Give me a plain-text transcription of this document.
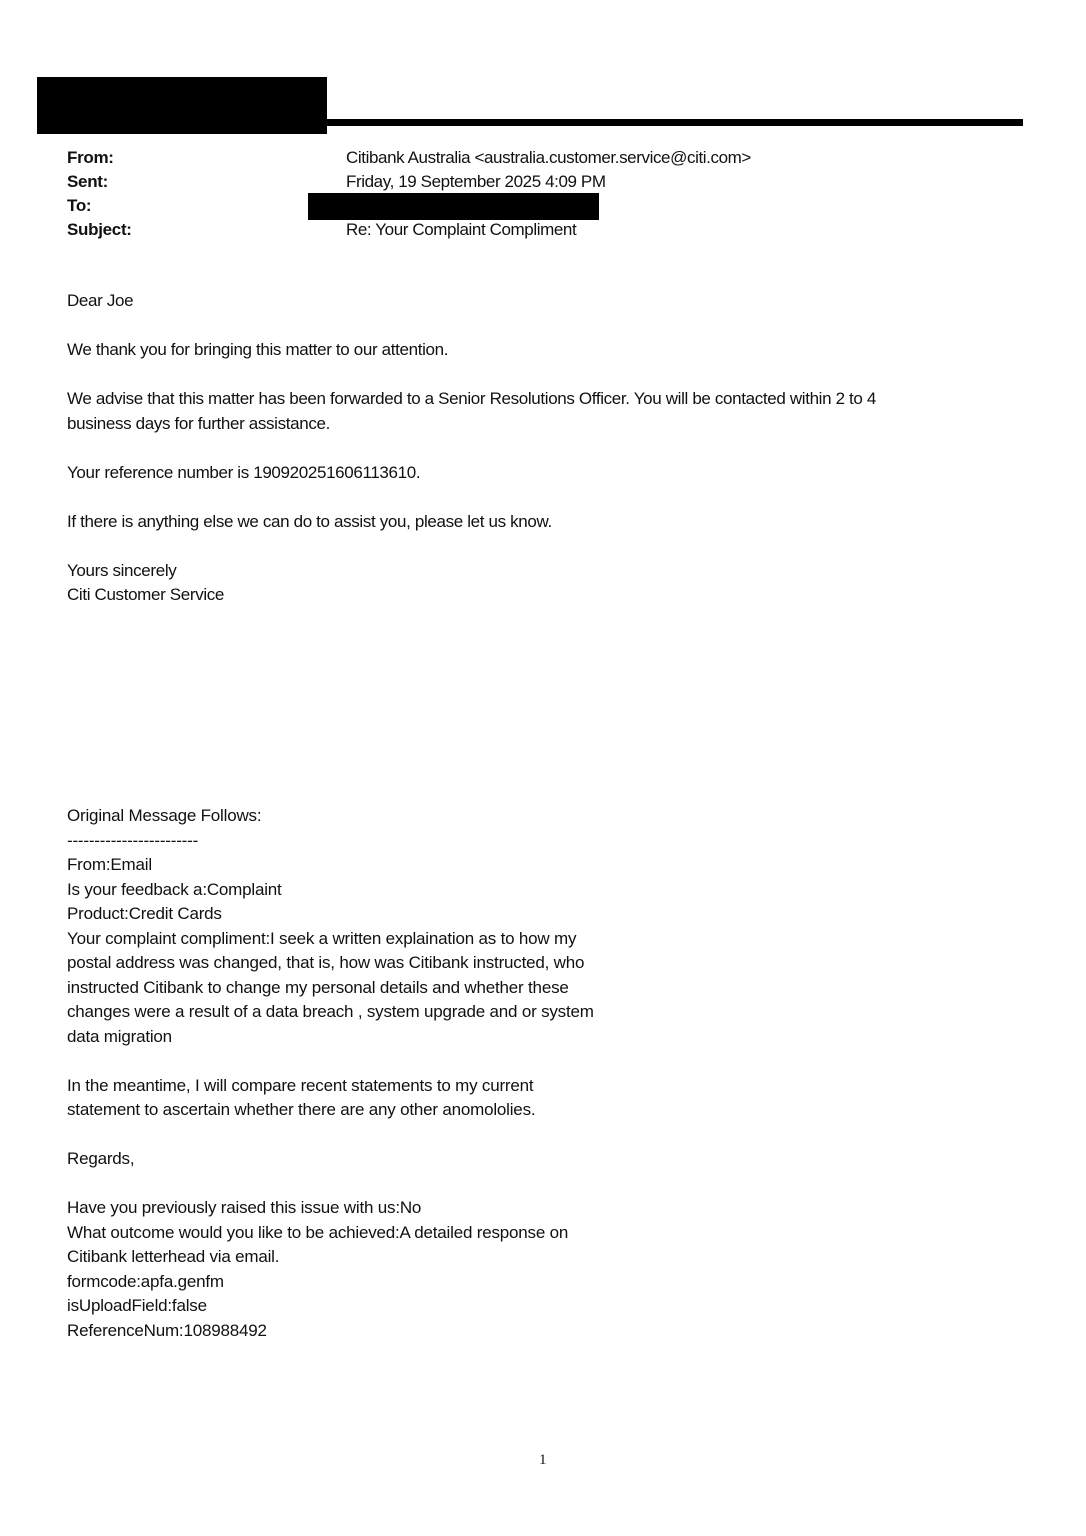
From:	Citibank Australia <australia.customer.service@citi.com>
Sent:	Friday, 19 September 2025 4:09 PM
To:
Subject:	Re: Your Complaint Compliment

Dear Joe

We thank you for bringing this matter to our attention.

We advise that this matter has been forwarded to a Senior Resolutions Officer. You will be contacted within 2 to 4

business days for further assistance.

Your reference number is 190920251606113610.

If there is anything else we can do to assist you, please let us know.

Yours sincerely

Citi Customer Service

Original Message Follows:

------------------------

From:Email

Is your feedback a:Complaint

Product:Credit Cards

Your complaint compliment:I seek a written explaination as to how my

postal address was changed, that is, how was Citibank instructed, who

instructed Citibank to change my personal details and whether these

changes were a result of a data breach , system upgrade and or system

data migration

In the meantime, I will compare recent statements to my current

statement to ascertain whether there are any other anomololies.

Regards,

Have you previously raised this issue with us:No

What outcome would you like to be achieved:A detailed response on

Citibank letterhead via email.

formcode:apfa.genfm

isUploadField:false

ReferenceNum:108988492

1
